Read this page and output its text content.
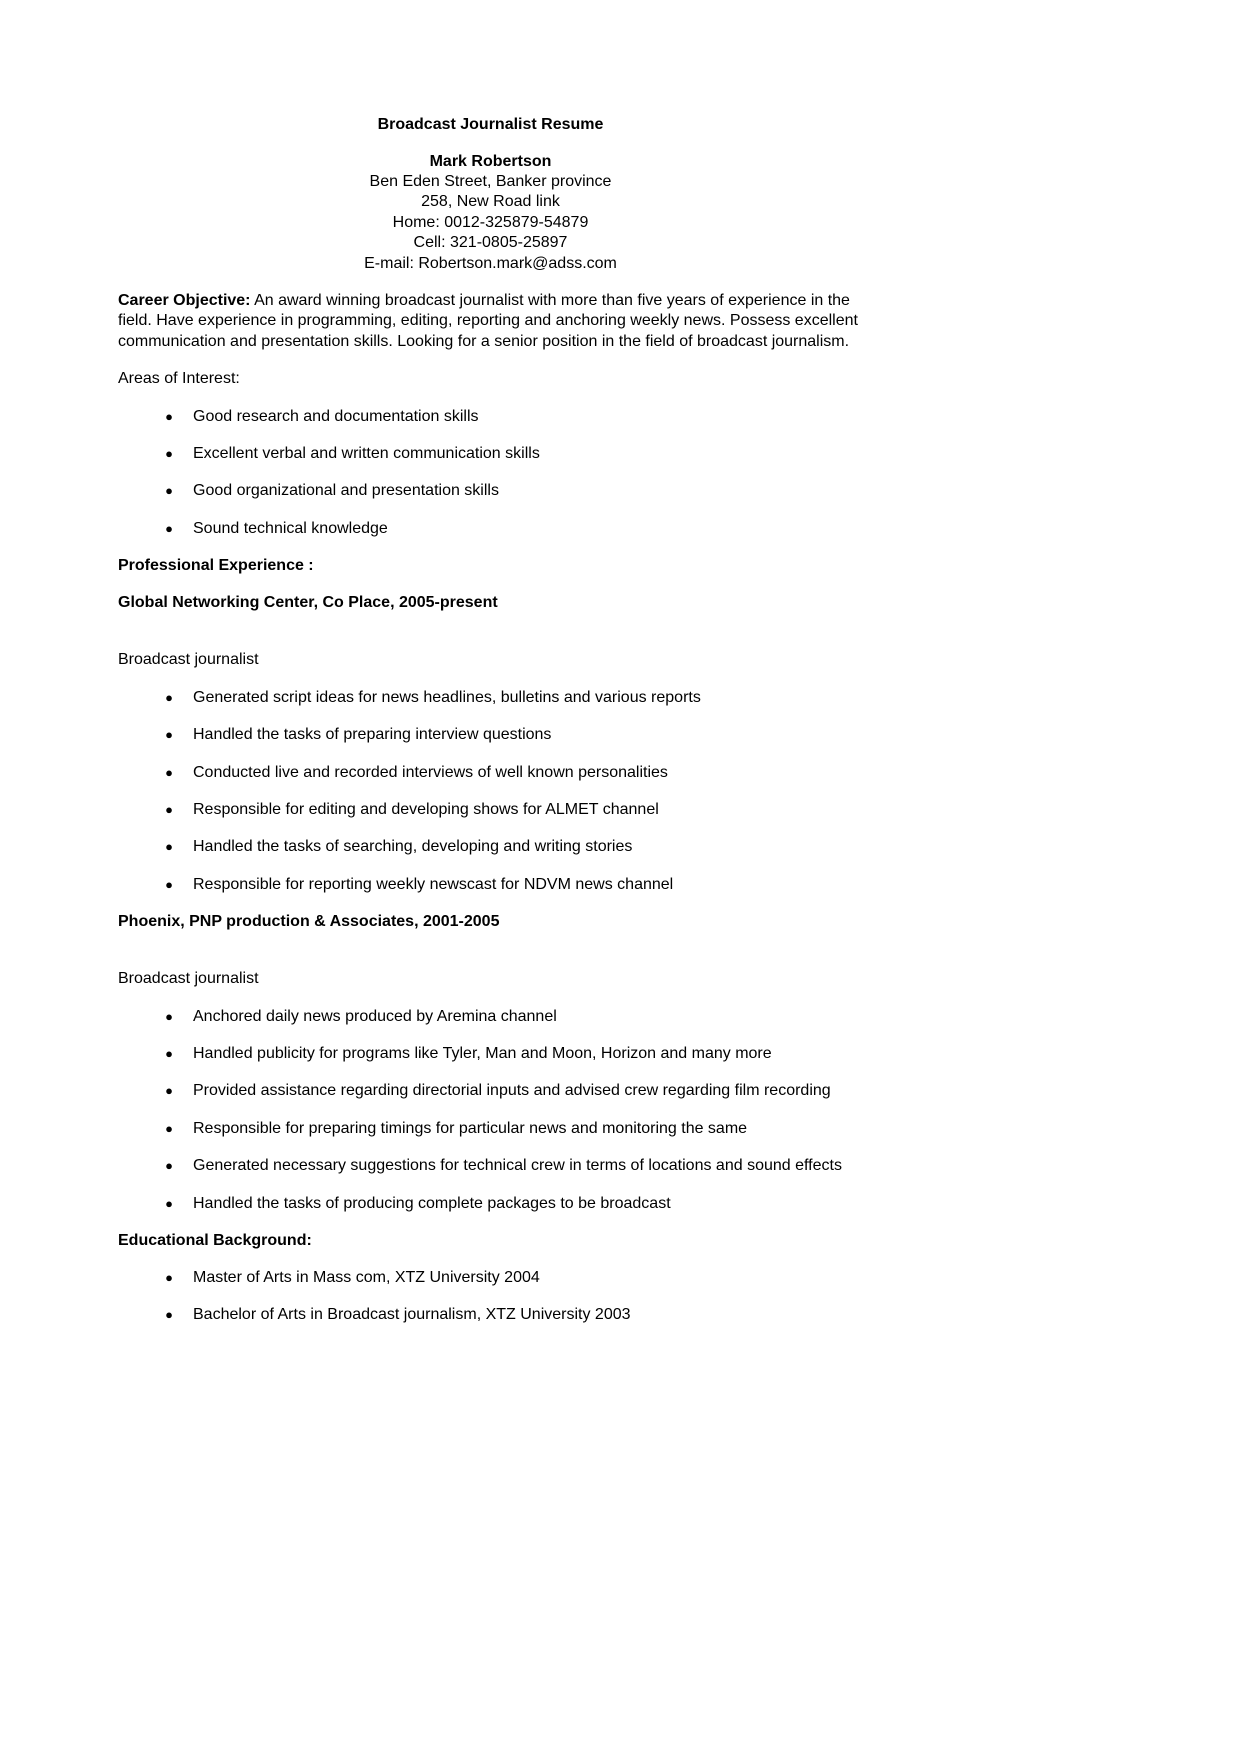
Broadcast Journalist Resume
Mark Robertson
Ben Eden Street, Banker province
258, New Road link
Home: 0012-325879-54879
Cell: 321-0805-25897
E-mail: Robertson.mark@adss.com

Career Objective: An award winning broadcast journalist with more than five years of experience in the field. Have experience in programming, editing, reporting and anchoring weekly news. Possess excellent communication and presentation skills. Looking for a senior position in the field of broadcast journalism.

Areas of Interest:

● Good research and documentation skills
● Excellent verbal and written communication skills
● Good organizational and presentation skills
● Sound technical knowledge

Professional Experience :

Global Networking Center, Co Place, 2005-present

Broadcast journalist

● Generated script ideas for news headlines, bulletins and various reports
● Handled the tasks of preparing interview questions
● Conducted live and recorded interviews of well known personalities
● Responsible for editing and developing shows for ALMET channel
● Handled the tasks of searching, developing and writing stories
● Responsible for reporting weekly newscast for NDVM news channel

Phoenix, PNP production & Associates, 2001-2005

Broadcast journalist

● Anchored daily news produced by Aremina channel
● Handled publicity for programs like Tyler, Man and Moon, Horizon and many more
● Provided assistance regarding directorial inputs and advised crew regarding film recording
● Responsible for preparing timings for particular news and monitoring the same
● Generated necessary suggestions for technical crew in terms of locations and sound effects
● Handled the tasks of producing complete packages to be broadcast

Educational Background:

● Master of Arts in Mass com, XTZ University 2004
● Bachelor of Arts in Broadcast journalism, XTZ University 2003
